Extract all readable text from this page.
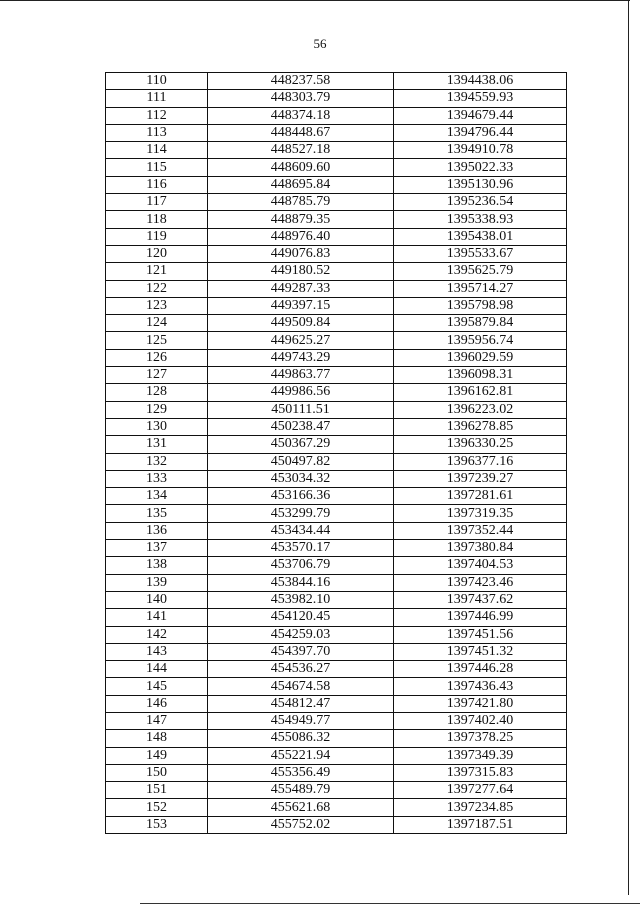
56
110	448237.58	1394438.06
111	448303.79	1394559.93
112	448374.18	1394679.44
113	448448.67	1394796.44
114	448527.18	1394910.78
115	448609.60	1395022.33
116	448695.84	1395130.96
117	448785.79	1395236.54
118	448879.35	1395338.93
119	448976.40	1395438.01
120	449076.83	1395533.67
121	449180.52	1395625.79
122	449287.33	1395714.27
123	449397.15	1395798.98
124	449509.84	1395879.84
125	449625.27	1395956.74
126	449743.29	1396029.59
127	449863.77	1396098.31
128	449986.56	1396162.81
129	450111.51	1396223.02
130	450238.47	1396278.85
131	450367.29	1396330.25
132	450497.82	1396377.16
133	453034.32	1397239.27
134	453166.36	1397281.61
135	453299.79	1397319.35
136	453434.44	1397352.44
137	453570.17	1397380.84
138	453706.79	1397404.53
139	453844.16	1397423.46
140	453982.10	1397437.62
141	454120.45	1397446.99
142	454259.03	1397451.56
143	454397.70	1397451.32
144	454536.27	1397446.28
145	454674.58	1397436.43
146	454812.47	1397421.80
147	454949.77	1397402.40
148	455086.32	1397378.25
149	455221.94	1397349.39
150	455356.49	1397315.83
151	455489.79	1397277.64
152	455621.68	1397234.85
153	455752.02	1397187.51
